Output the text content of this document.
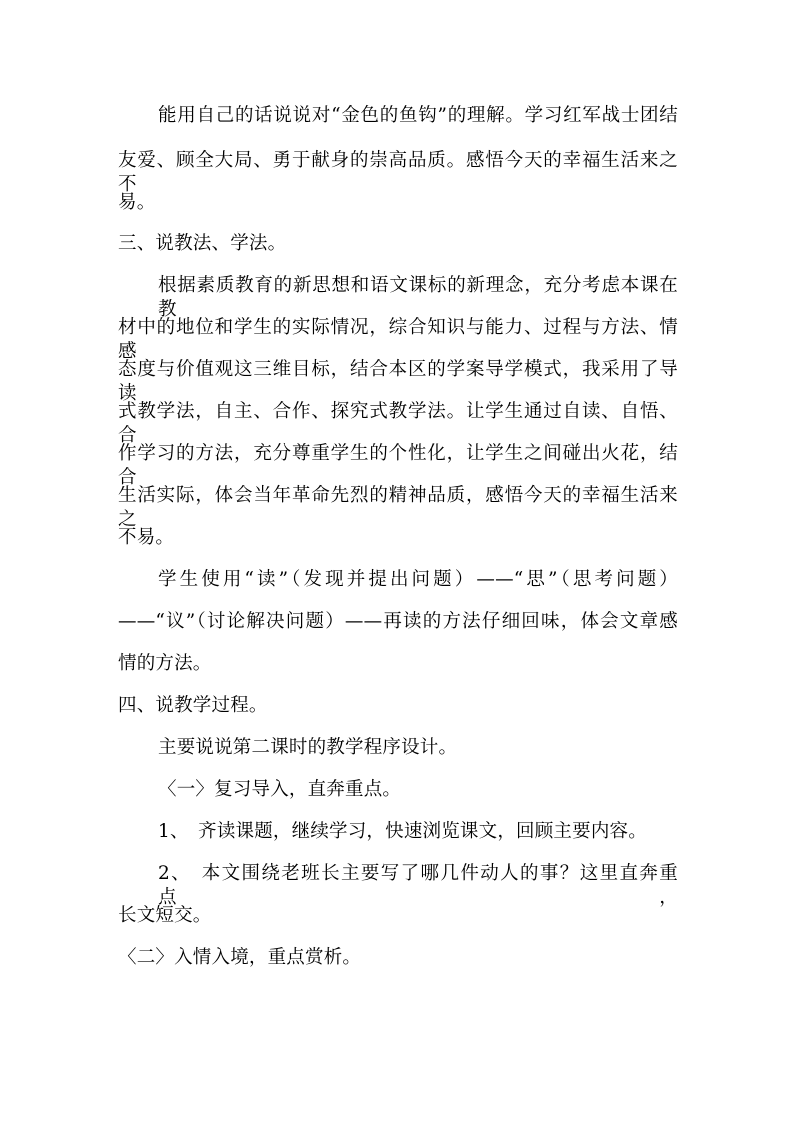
能用自己的话说说对“金色的鱼钩”的理解。学习红军战士团结
友爱、顾全大局、勇于献身的崇高品质。感悟今天的幸福生活来之不
易。
三、说教法、学法。
根据素质教育的新思想和语文课标的新理念，充分考虑本课在教
材中的地位和学生的实际情况，综合知识与能力、过程与方法、情感
态度与价值观这三维目标，结合本区的学案导学模式，我采用了导读
式教学法，自主、合作、探究式教学法。让学生通过自读、自悟、合
作学习的方法，充分尊重学生的个性化，让学生之间碰出火花，结合
生活实际，体会当年革命先烈的精神品质，感悟今天的幸福生活来之
不易。
学生使用“读”（发现并提出问题）——“思”（思考问题）
——“议”（讨论解决问题）——再读的方法仔细回味，体会文章感
情的方法。
四、说教学过程。
主要说说第二课时的教学程序设计。
〈一〉复习导入，直奔重点。
1、　齐读课题，继续学习，快速浏览课文，回顾主要内容。
2、　本文围绕老班长主要写了哪几件动人的事？这里直奔重点，
长文短交。
〈二〉入情入境，重点赏析。
